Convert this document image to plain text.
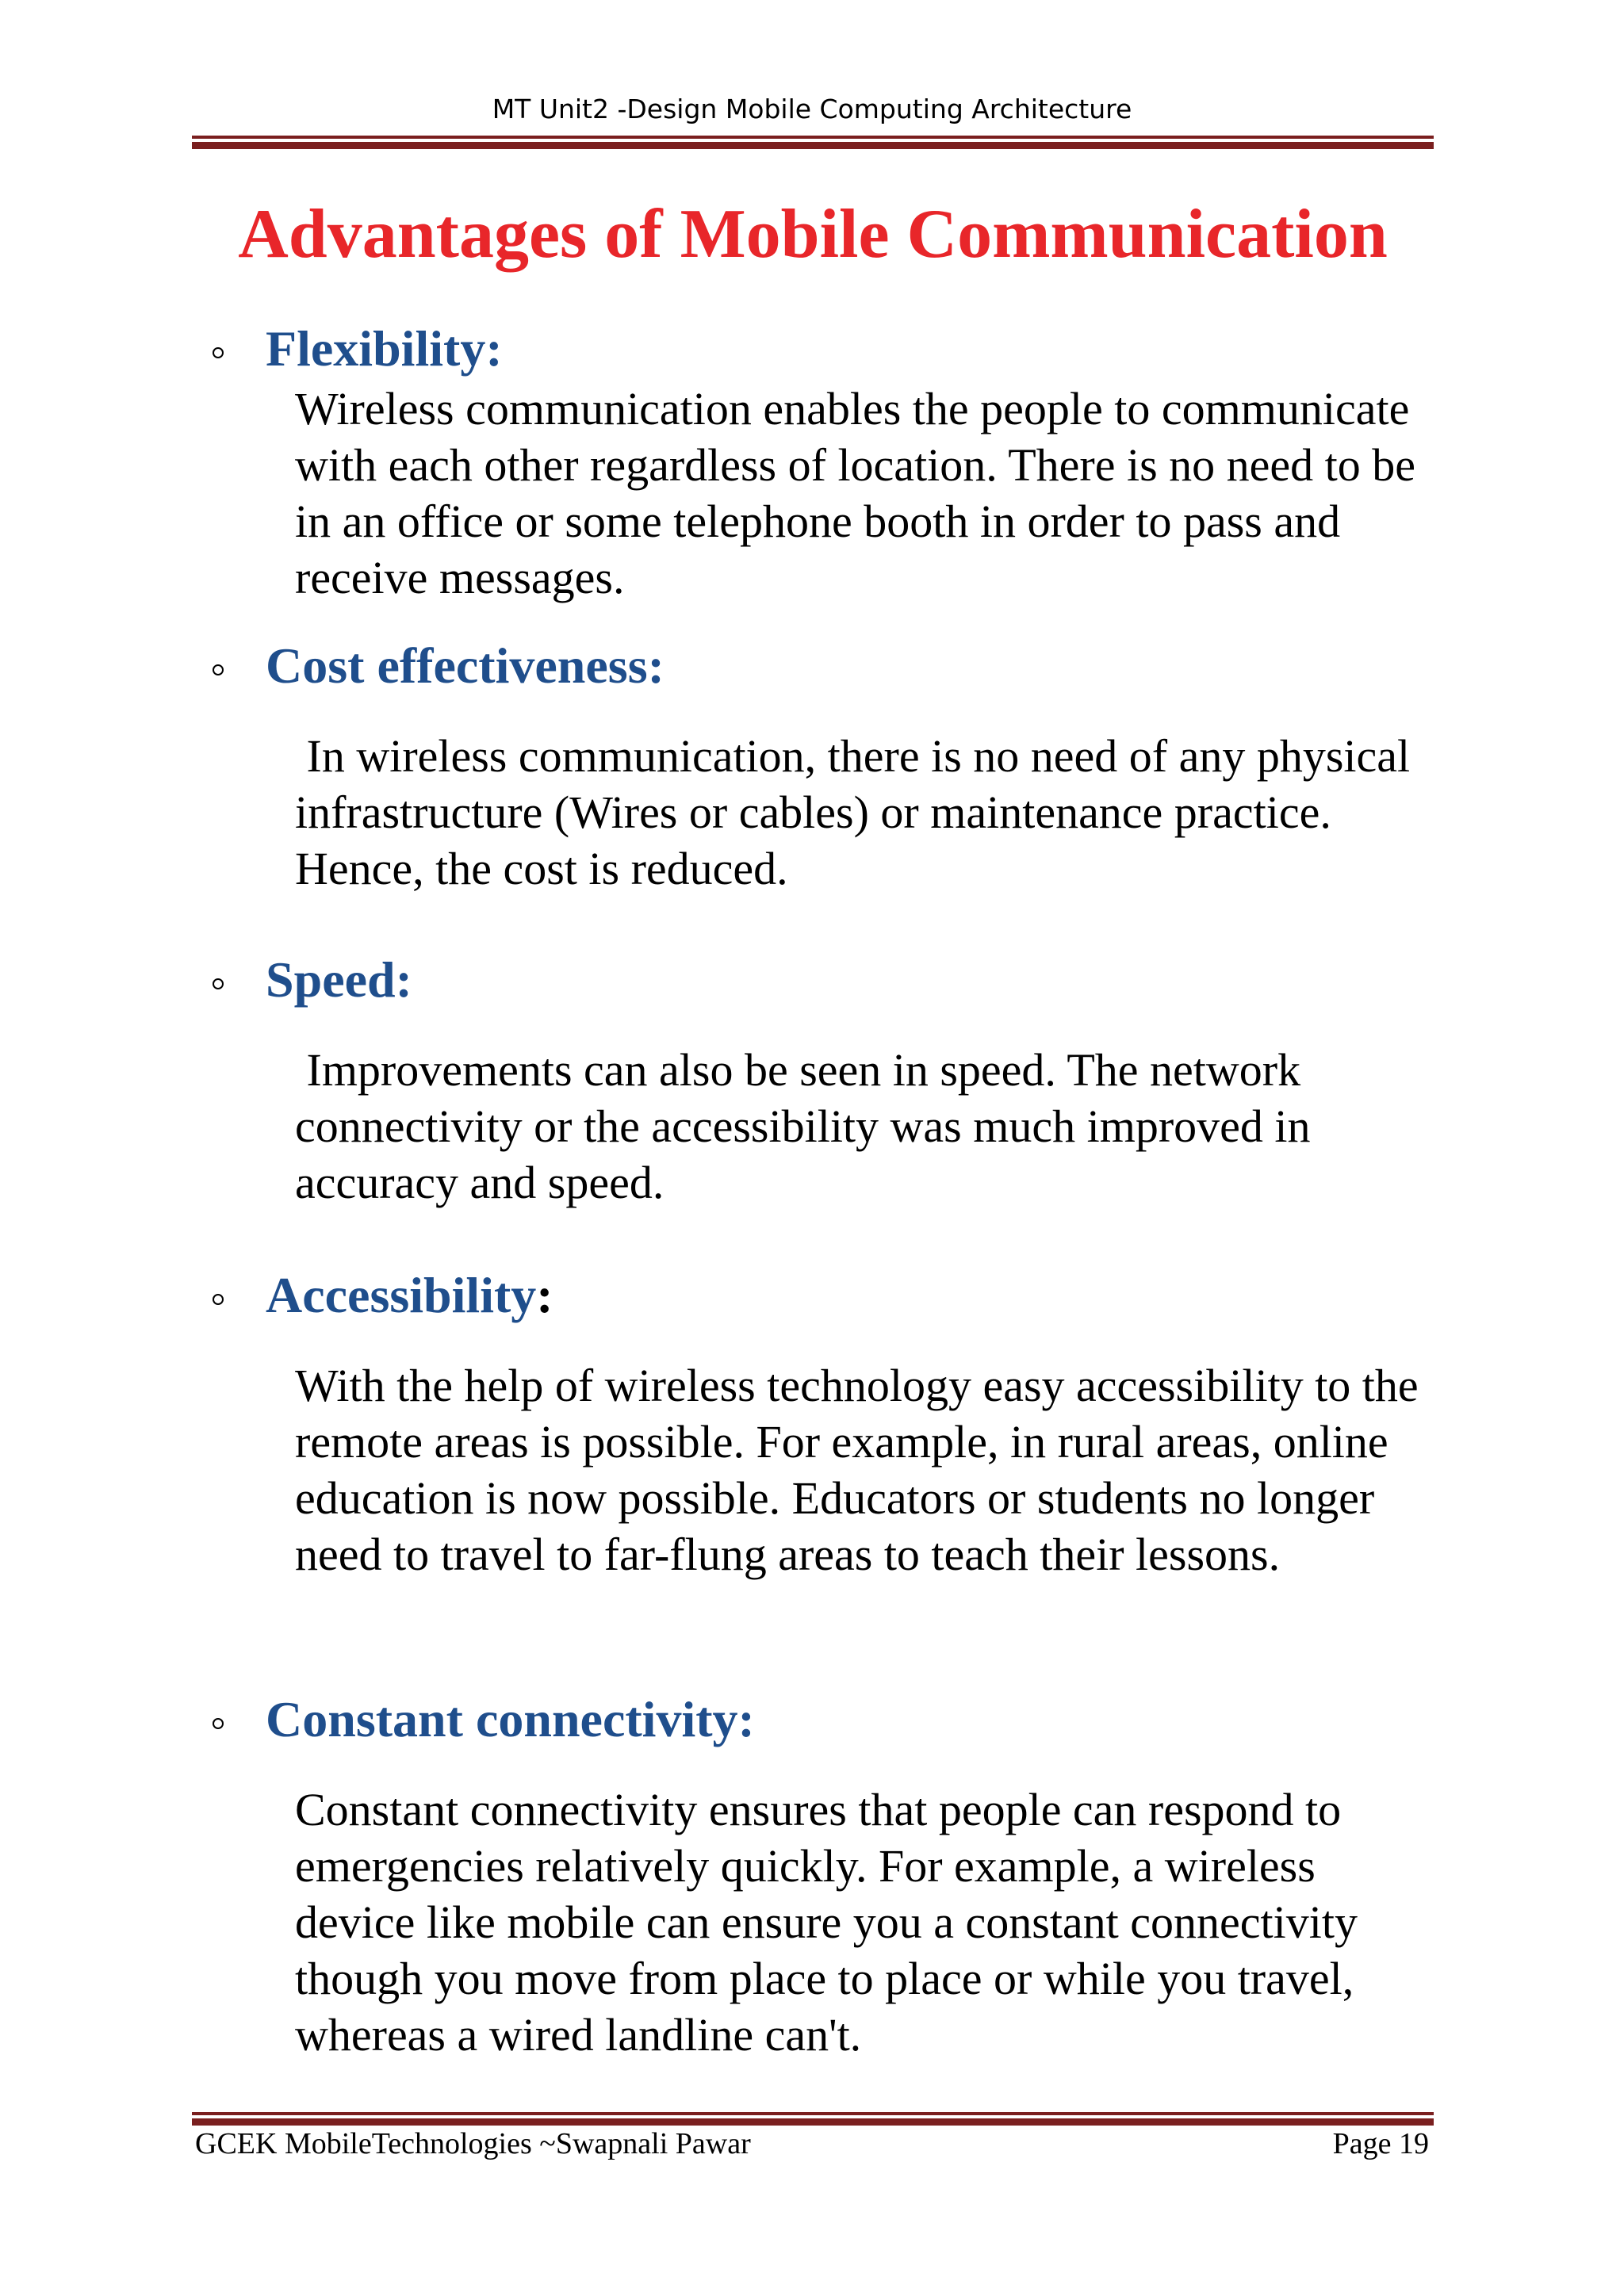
MT Unit2 -Design Mobile Computing Architecture
Advantages of Mobile Communication
Flexibility:

Wireless communication enables the people to communicate with each other regardless of location. There is no need to be in an office or some telephone booth in order to pass and receive messages.

Cost effectiveness:

In wireless communication, there is no need of any physical infrastructure (Wires or cables) or maintenance practice. Hence, the cost is reduced.

Speed:

Improvements can also be seen in speed. The network connectivity or the accessibility was much improved in accuracy and speed.

Accessibility:

With the help of wireless technology easy accessibility to the remote areas is possible. For example, in rural areas, online education is now possible. Educators or students no longer need to travel to far-flung areas to teach their lessons.

Constant connectivity:

Constant connectivity ensures that people can respond to emergencies relatively quickly. For example, a wireless device like mobile can ensure you a constant connectivity though you move from place to place or while you travel, whereas a wired landline can't.

GCEK MobileTechnologies ~Swapnali Pawar	Page 19
